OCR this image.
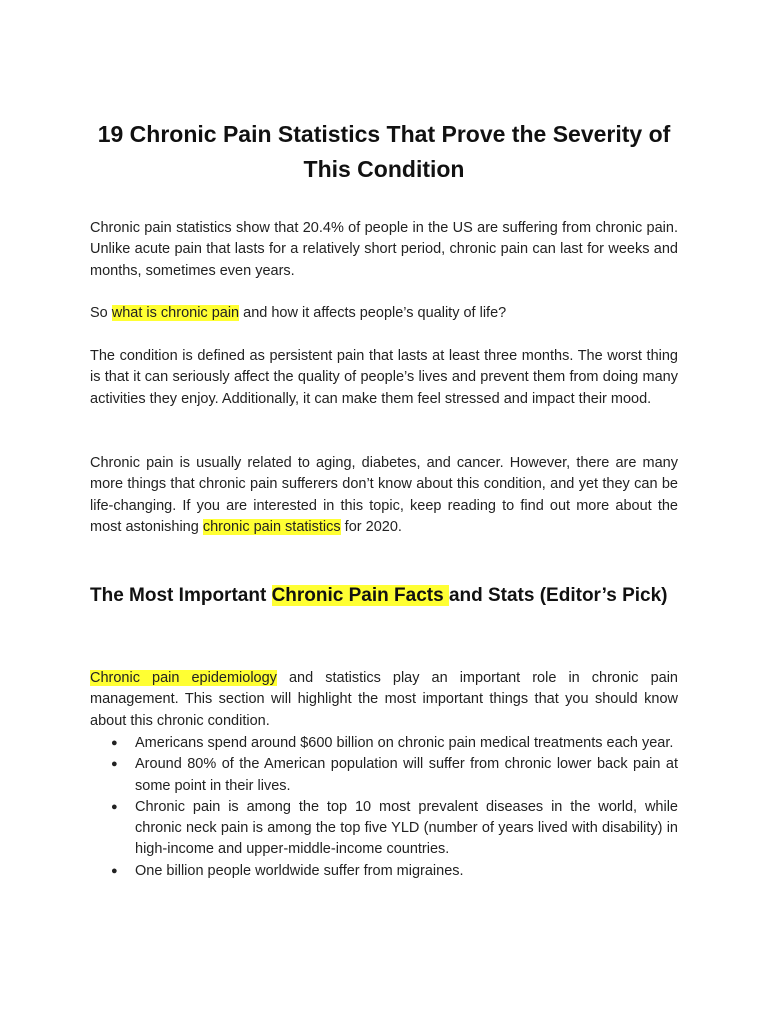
19 Chronic Pain Statistics That Prove the Severity of This Condition

Chronic pain statistics show that 20.4% of people in the US are suffering from chronic pain. Unlike acute pain that lasts for a relatively short period, chronic pain can last for weeks and months, sometimes even years.

So what is chronic pain and how it affects people’s quality of life?

The condition is defined as persistent pain that lasts at least three months. The worst thing is that it can seriously affect the quality of people’s lives and prevent them from doing many activities they enjoy. Additionally, it can make them feel stressed and impact their mood.

Chronic pain is usually related to aging, diabetes, and cancer. However, there are many more things that chronic pain sufferers don’t know about this condition, and yet they can be life-changing. If you are interested in this topic, keep reading to find out more about the most astonishing chronic pain statistics for 2020.

The Most Important Chronic Pain Facts and Stats (Editor’s Pick)

Chronic pain epidemiology and statistics play an important role in chronic pain management. This section will highlight the most important things that you should know about this chronic condition.

● Americans spend around $600 billion on chronic pain medical treatments each year.
● Around 80% of the American population will suffer from chronic lower back pain at some point in their lives.
● Chronic pain is among the top 10 most prevalent diseases in the world, while chronic neck pain is among the top five YLD (number of years lived with disability) in high-income and upper-middle-income countries.
● One billion people worldwide suffer from migraines.
